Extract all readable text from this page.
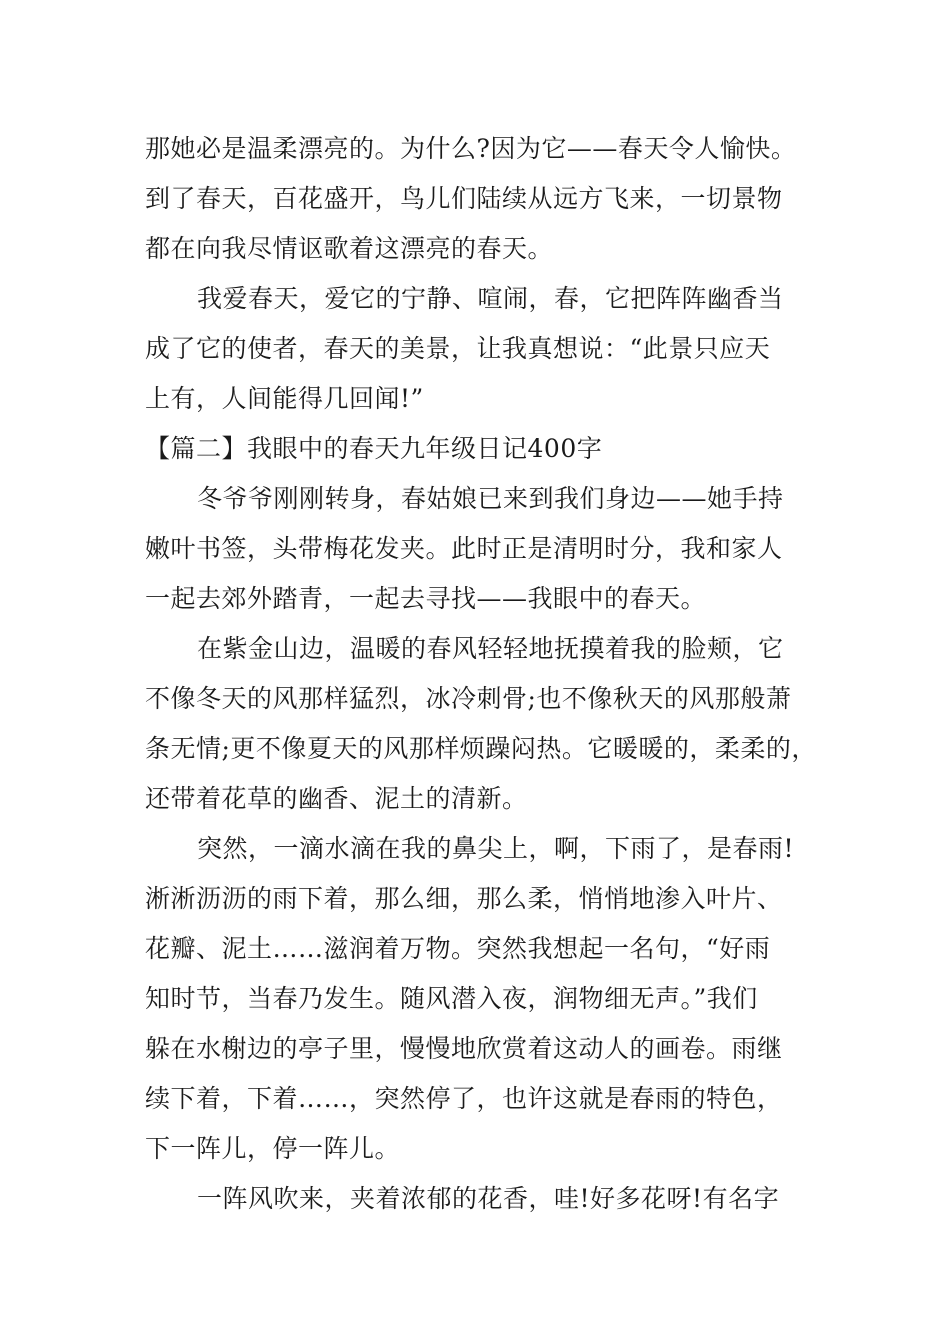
那她必是温柔漂亮的。为什么?因为它——春天令人愉快。
到了春天，百花盛开，鸟儿们陆续从远方飞来，一切景物
都在向我尽情讴歌着这漂亮的春天。
我爱春天，爱它的宁静、喧闹，春，它把阵阵幽香当
成了它的使者，春天的美景，让我真想说：“此景只应天
上有，人间能得几回闻!”
【篇二】我眼中的春天九年级日记400字
冬爷爷刚刚转身，春姑娘已来到我们身边——她手持
嫩叶书签，头带梅花发夹。此时正是清明时分，我和家人
一起去郊外踏青，一起去寻找——我眼中的春天。
在紫金山边，温暖的春风轻轻地抚摸着我的脸颊，它
不像冬天的风那样猛烈，冰冷刺骨;也不像秋天的风那般萧
条无情;更不像夏天的风那样烦躁闷热。它暖暖的，柔柔的，
还带着花草的幽香、泥土的清新。
突然，一滴水滴在我的鼻尖上，啊，下雨了，是春雨!
淅淅沥沥的雨下着，那么细，那么柔，悄悄地渗入叶片、
花瓣、泥土……滋润着万物。突然我想起一名句，“好雨
知时节，当春乃发生。随风潜入夜，润物细无声。”我们
躲在水榭边的亭子里，慢慢地欣赏着这动人的画卷。雨继
续下着，下着……，突然停了，也许这就是春雨的特色，
下一阵儿，停一阵儿。
一阵风吹来，夹着浓郁的花香，哇!好多花呀!有名字
